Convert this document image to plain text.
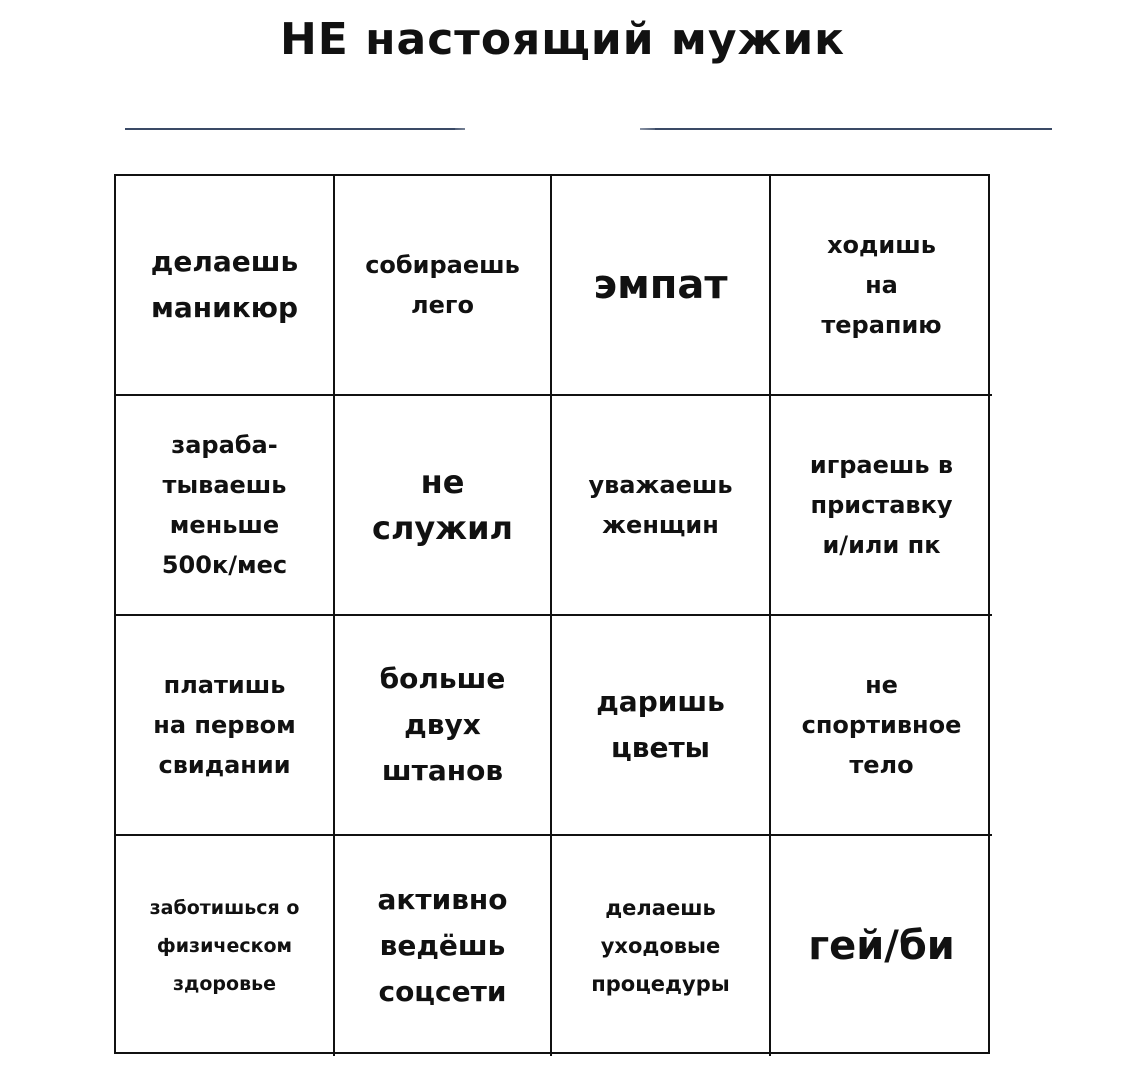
НЕ настоящий мужик
делаешь
маникюр
собираешь
лего	эмпат
ходишь
на
терапию
зараба-
тываешь
меньше
500к/мес
не
служил
уважаешь
женщин
играешь в
приставку
и/или пк
платишь
на первом
свидании
больше
двух
штанов
даришь
цветы
не
спортивное
тело
заботишься о
физическом
здоровье
активно
ведёшь
соцсети
делаешь
уходовые
процедуры
гей/би
